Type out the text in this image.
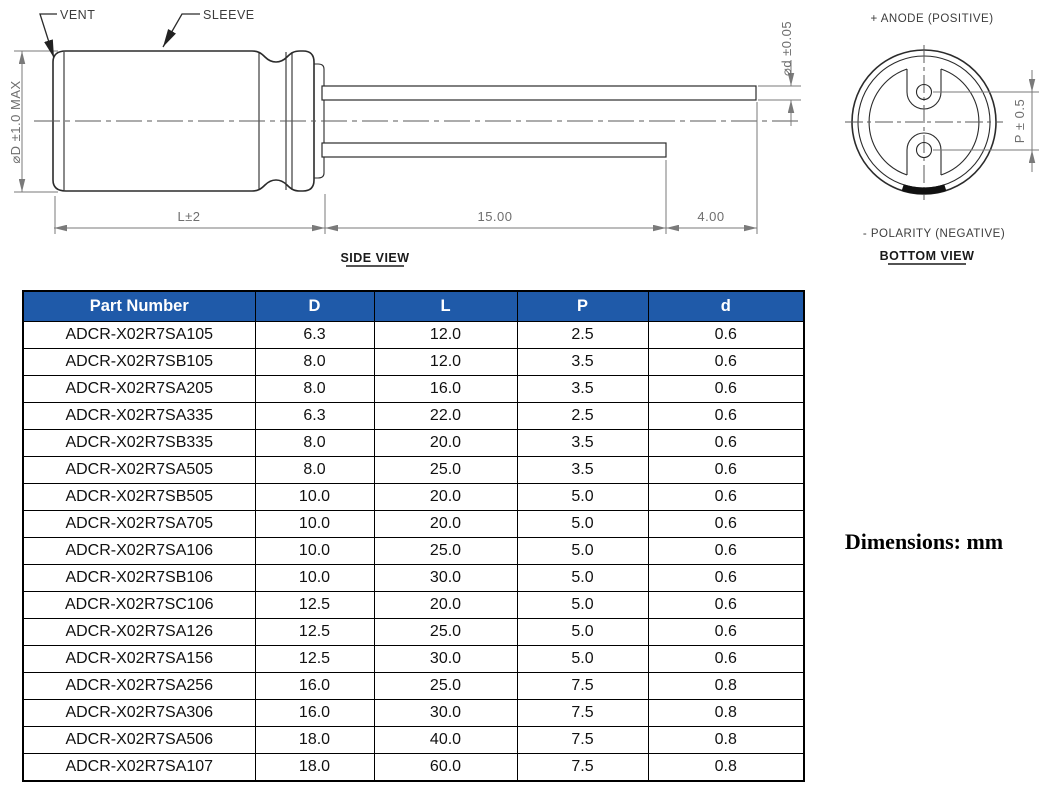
⌀D ±1.0 MAX
L±2	15.00	4.00
⌀d ±0.05
VENT	SLEEVE
SIDE VIEW
P ± 0.5
+ ANODE (POSITIVE)
- POLARITY (NEGATIVE)
BOTTOM VIEW
Part Number	D	L	P	d
ADCR-X02R7SA105	6.3	12.0	2.5	0.6
ADCR-X02R7SB105	8.0	12.0	3.5	0.6
ADCR-X02R7SA205	8.0	16.0	3.5	0.6
ADCR-X02R7SA335	6.3	22.0	2.5	0.6
ADCR-X02R7SB335	8.0	20.0	3.5	0.6
ADCR-X02R7SA505	8.0	25.0	3.5	0.6
ADCR-X02R7SB505	10.0	20.0	5.0	0.6
ADCR-X02R7SA705	10.0	20.0	5.0	0.6
ADCR-X02R7SA106	10.0	25.0	5.0	0.6
ADCR-X02R7SB106	10.0	30.0	5.0	0.6
ADCR-X02R7SC106	12.5	20.0	5.0	0.6
ADCR-X02R7SA126	12.5	25.0	5.0	0.6
ADCR-X02R7SA156	12.5	30.0	5.0	0.6
ADCR-X02R7SA256	16.0	25.0	7.5	0.8
ADCR-X02R7SA306	16.0	30.0	7.5	0.8
ADCR-X02R7SA506	18.0	40.0	7.5	0.8
ADCR-X02R7SA107	18.0	60.0	7.5	0.8
Dimensions: mm
